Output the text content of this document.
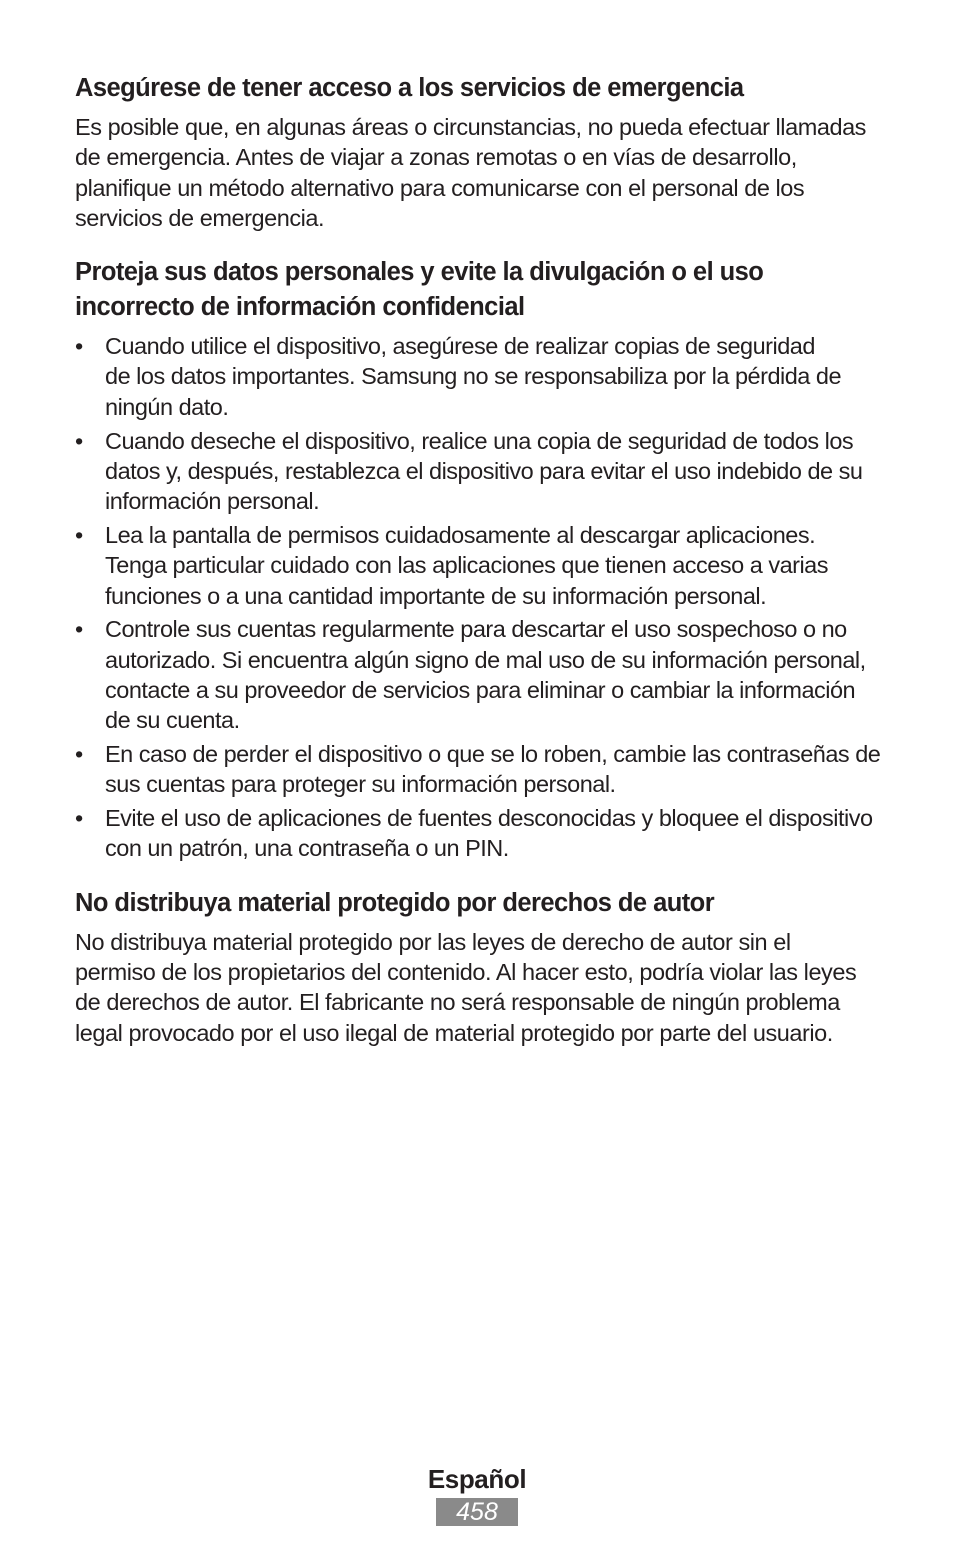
Asegúrese de tener acceso a los servicios de emergencia
Es posible que, en algunas áreas o circunstancias, no pueda efectuar llamadas
de emergencia. Antes de viajar a zonas remotas o en vías de desarrollo,
planifique un método alternativo para comunicarse con el personal de los
servicios de emergencia.
Proteja sus datos personales y evite la divulgación o el uso
incorrecto de información confidencial
• Cuando utilice el dispositivo, asegúrese de realizar copias de seguridad
de los datos importantes. Samsung no se responsabiliza por la pérdida de
ningún dato.
• Cuando deseche el dispositivo, realice una copia de seguridad de todos los
datos y, después, restablezca el dispositivo para evitar el uso indebido de su
información personal.
• Lea la pantalla de permisos cuidadosamente al descargar aplicaciones.
Tenga particular cuidado con las aplicaciones que tienen acceso a varias
funciones o a una cantidad importante de su información personal.
• Controle sus cuentas regularmente para descartar el uso sospechoso o no
autorizado. Si encuentra algún signo de mal uso de su información personal,
contacte a su proveedor de servicios para eliminar o cambiar la información
de su cuenta.
• En caso de perder el dispositivo o que se lo roben, cambie las contraseñas de
sus cuentas para proteger su información personal.
• Evite el uso de aplicaciones de fuentes desconocidas y bloquee el dispositivo
con un patrón, una contraseña o un PIN.
No distribuya material protegido por derechos de autor
No distribuya material protegido por las leyes de derecho de autor sin el
permiso de los propietarios del contenido. Al hacer esto, podría violar las leyes
de derechos de autor. El fabricante no será responsable de ningún problema
legal provocado por el uso ilegal de material protegido por parte del usuario.
Español
458
